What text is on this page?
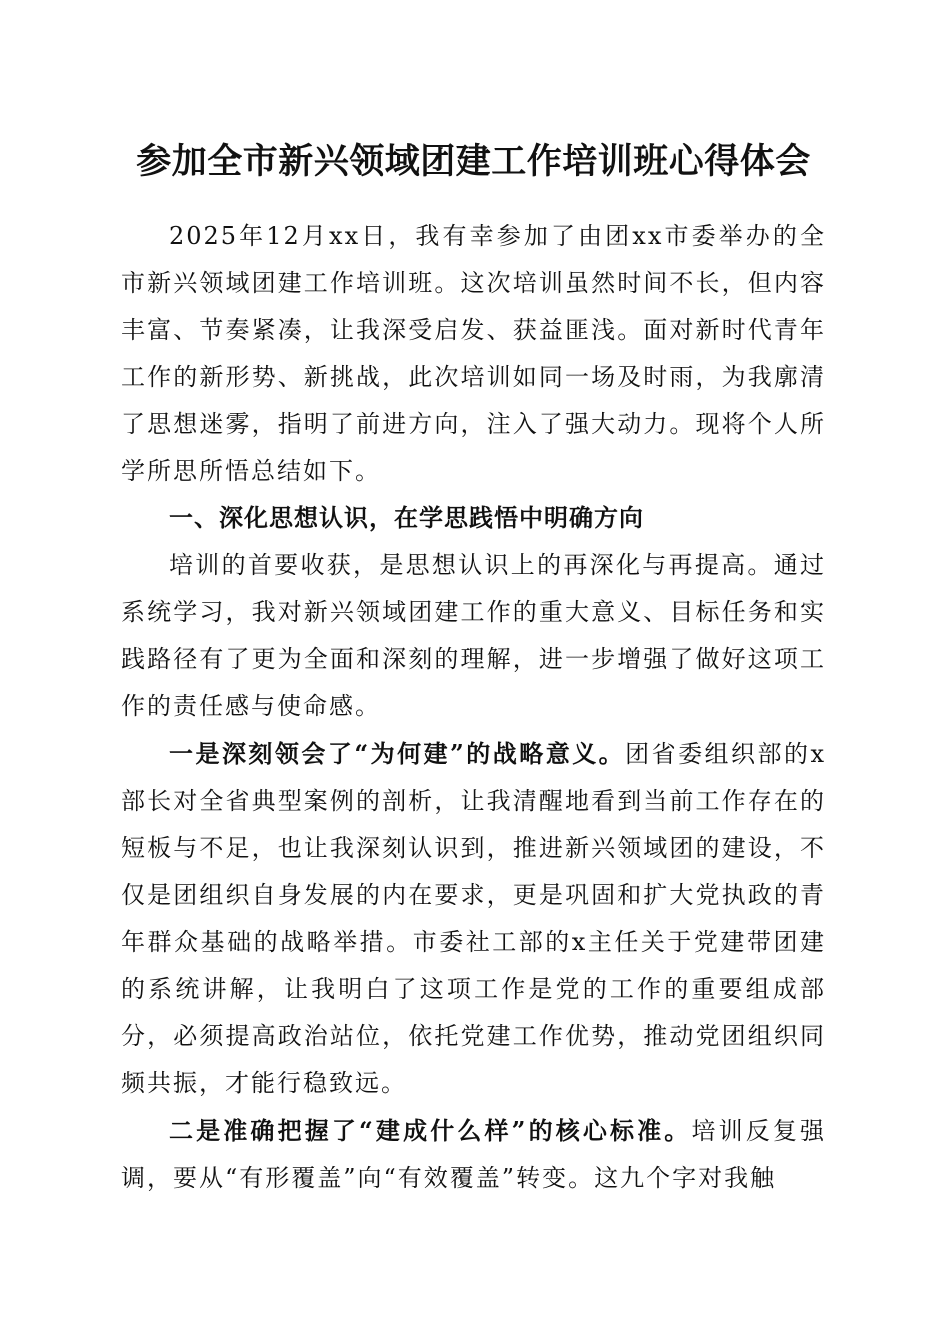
参加全市新兴领域团建工作培训班心得体会

2025年12月xx日，我有幸参加了由团xx市委举办的全市新兴领域团建工作培训班。这次培训虽然时间不长，但内容丰富、节奏紧凑，让我深受启发、获益匪浅。面对新时代青年工作的新形势、新挑战，此次培训如同一场及时雨，为我廓清了思想迷雾，指明了前进方向，注入了强大动力。现将个人所学所思所悟总结如下。

一、深化思想认识，在学思践悟中明确方向

培训的首要收获，是思想认识上的再深化与再提高。通过系统学习，我对新兴领域团建工作的重大意义、目标任务和实践路径有了更为全面和深刻的理解，进一步增强了做好这项工作的责任感与使命感。

一是深刻领会了“为何建”的战略意义。团省委组织部的x部长对全省典型案例的剖析，让我清醒地看到当前工作存在的短板与不足，也让我深刻认识到，推进新兴领域团的建设，不仅是团组织自身发展的内在要求，更是巩固和扩大党执政的青年群众基础的战略举措。市委社工部的x主任关于党建带团建的系统讲解，让我明白了这项工作是党的工作的重要组成部分，必须提高政治站位，依托党建工作优势，推动党团组织同频共振，才能行稳致远。

二是准确把握了“建成什么样”的核心标准。培训反复强调，要从“有形覆盖”向“有效覆盖”转变。这九个字对我触
